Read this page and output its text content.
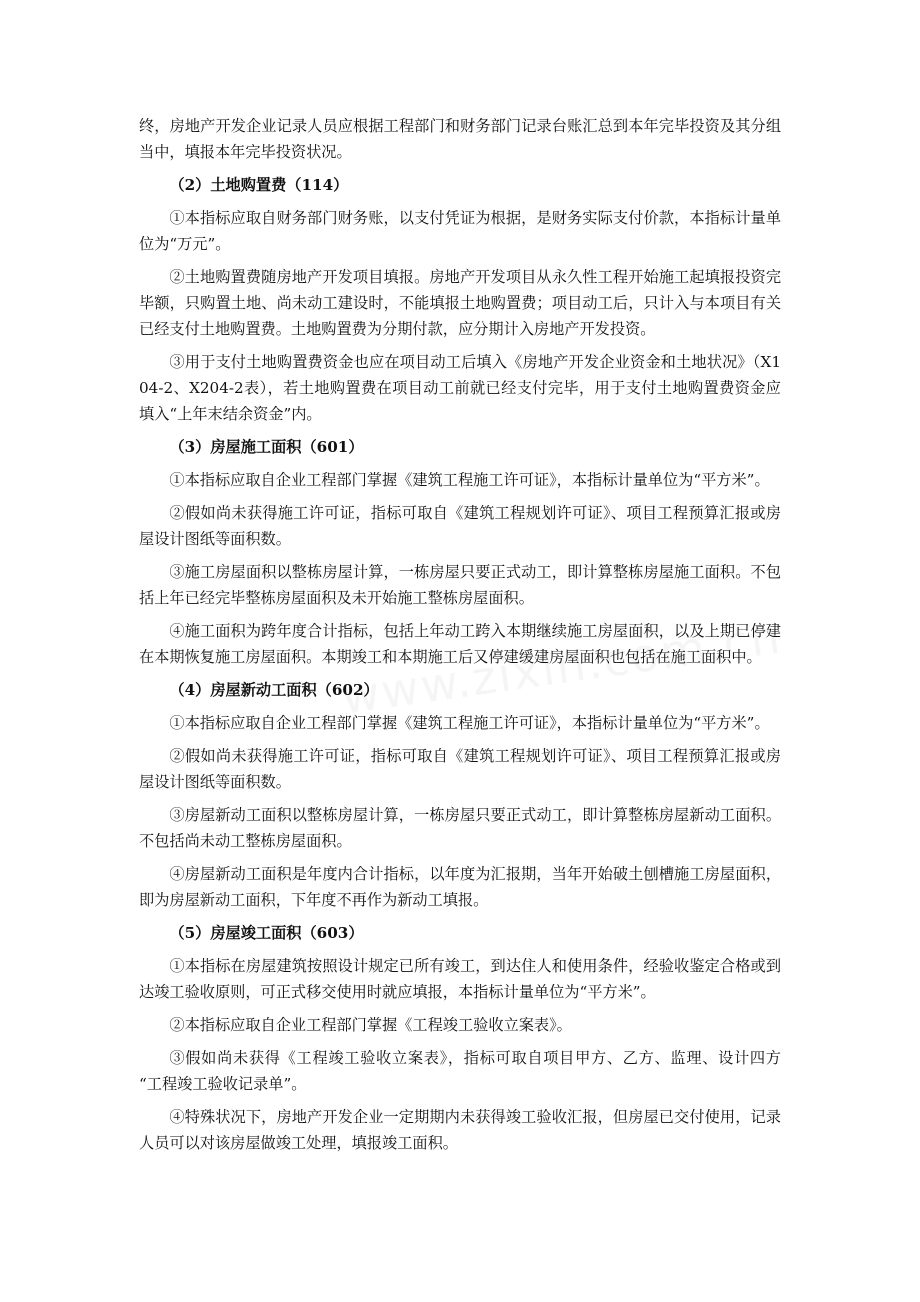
终，房地产开发企业记录人员应根据工程部门和财务部门记录台账汇总到本年完毕投资及其分组当中，填报本年完毕投资状况。

（2）土地购置费（114）

①本指标应取自财务部门财务账，以支付凭证为根据，是财务实际支付价款，本指标计量单位为“万元”。

②土地购置费随房地产开发项目填报。房地产开发项目从永久性工程开始施工起填报投资完毕额，只购置土地、尚未动工建设时，不能填报土地购置费；项目动工后，只计入与本项目有关已经支付土地购置费。土地购置费为分期付款，应分期计入房地产开发投资。

③用于支付土地购置费资金也应在项目动工后填入《房地产开发企业资金和土地状况》（X104-2、X204-2表），若土地购置费在项目动工前就已经支付完毕，用于支付土地购置费资金应填入“上年末结余资金”内。

（3）房屋施工面积（601）

①本指标应取自企业工程部门掌握《建筑工程施工许可证》，本指标计量单位为“平方米”。

②假如尚未获得施工许可证，指标可取自《建筑工程规划许可证》、项目工程预算汇报或房屋设计图纸等面积数。

③施工房屋面积以整栋房屋计算，一栋房屋只要正式动工，即计算整栋房屋施工面积。不包括上年已经完毕整栋房屋面积及未开始施工整栋房屋面积。

④施工面积为跨年度合计指标，包括上年动工跨入本期继续施工房屋面积，以及上期已停建在本期恢复施工房屋面积。本期竣工和本期施工后又停建缓建房屋面积也包括在施工面积中。

（4）房屋新动工面积（602）

①本指标应取自企业工程部门掌握《建筑工程施工许可证》，本指标计量单位为“平方米”。

②假如尚未获得施工许可证，指标可取自《建筑工程规划许可证》、项目工程预算汇报或房屋设计图纸等面积数。

③房屋新动工面积以整栋房屋计算，一栋房屋只要正式动工，即计算整栋房屋新动工面积。不包括尚未动工整栋房屋面积。

④房屋新动工面积是年度内合计指标，以年度为汇报期，当年开始破土刨槽施工房屋面积，即为房屋新动工面积，下年度不再作为新动工填报。

（5）房屋竣工面积（603）

①本指标在房屋建筑按照设计规定已所有竣工，到达住人和使用条件，经验收鉴定合格或到达竣工验收原则，可正式移交使用时就应填报，本指标计量单位为“平方米”。

②本指标应取自企业工程部门掌握《工程竣工验收立案表》。

③假如尚未获得《工程竣工验收立案表》，指标可取自项目甲方、乙方、监理、设计四方 “工程竣工验收记录单”。

④特殊状况下，房地产开发企业一定期期内未获得竣工验收汇报，但房屋已交付使用，记录人员可以对该房屋做竣工处理，填报竣工面积。
